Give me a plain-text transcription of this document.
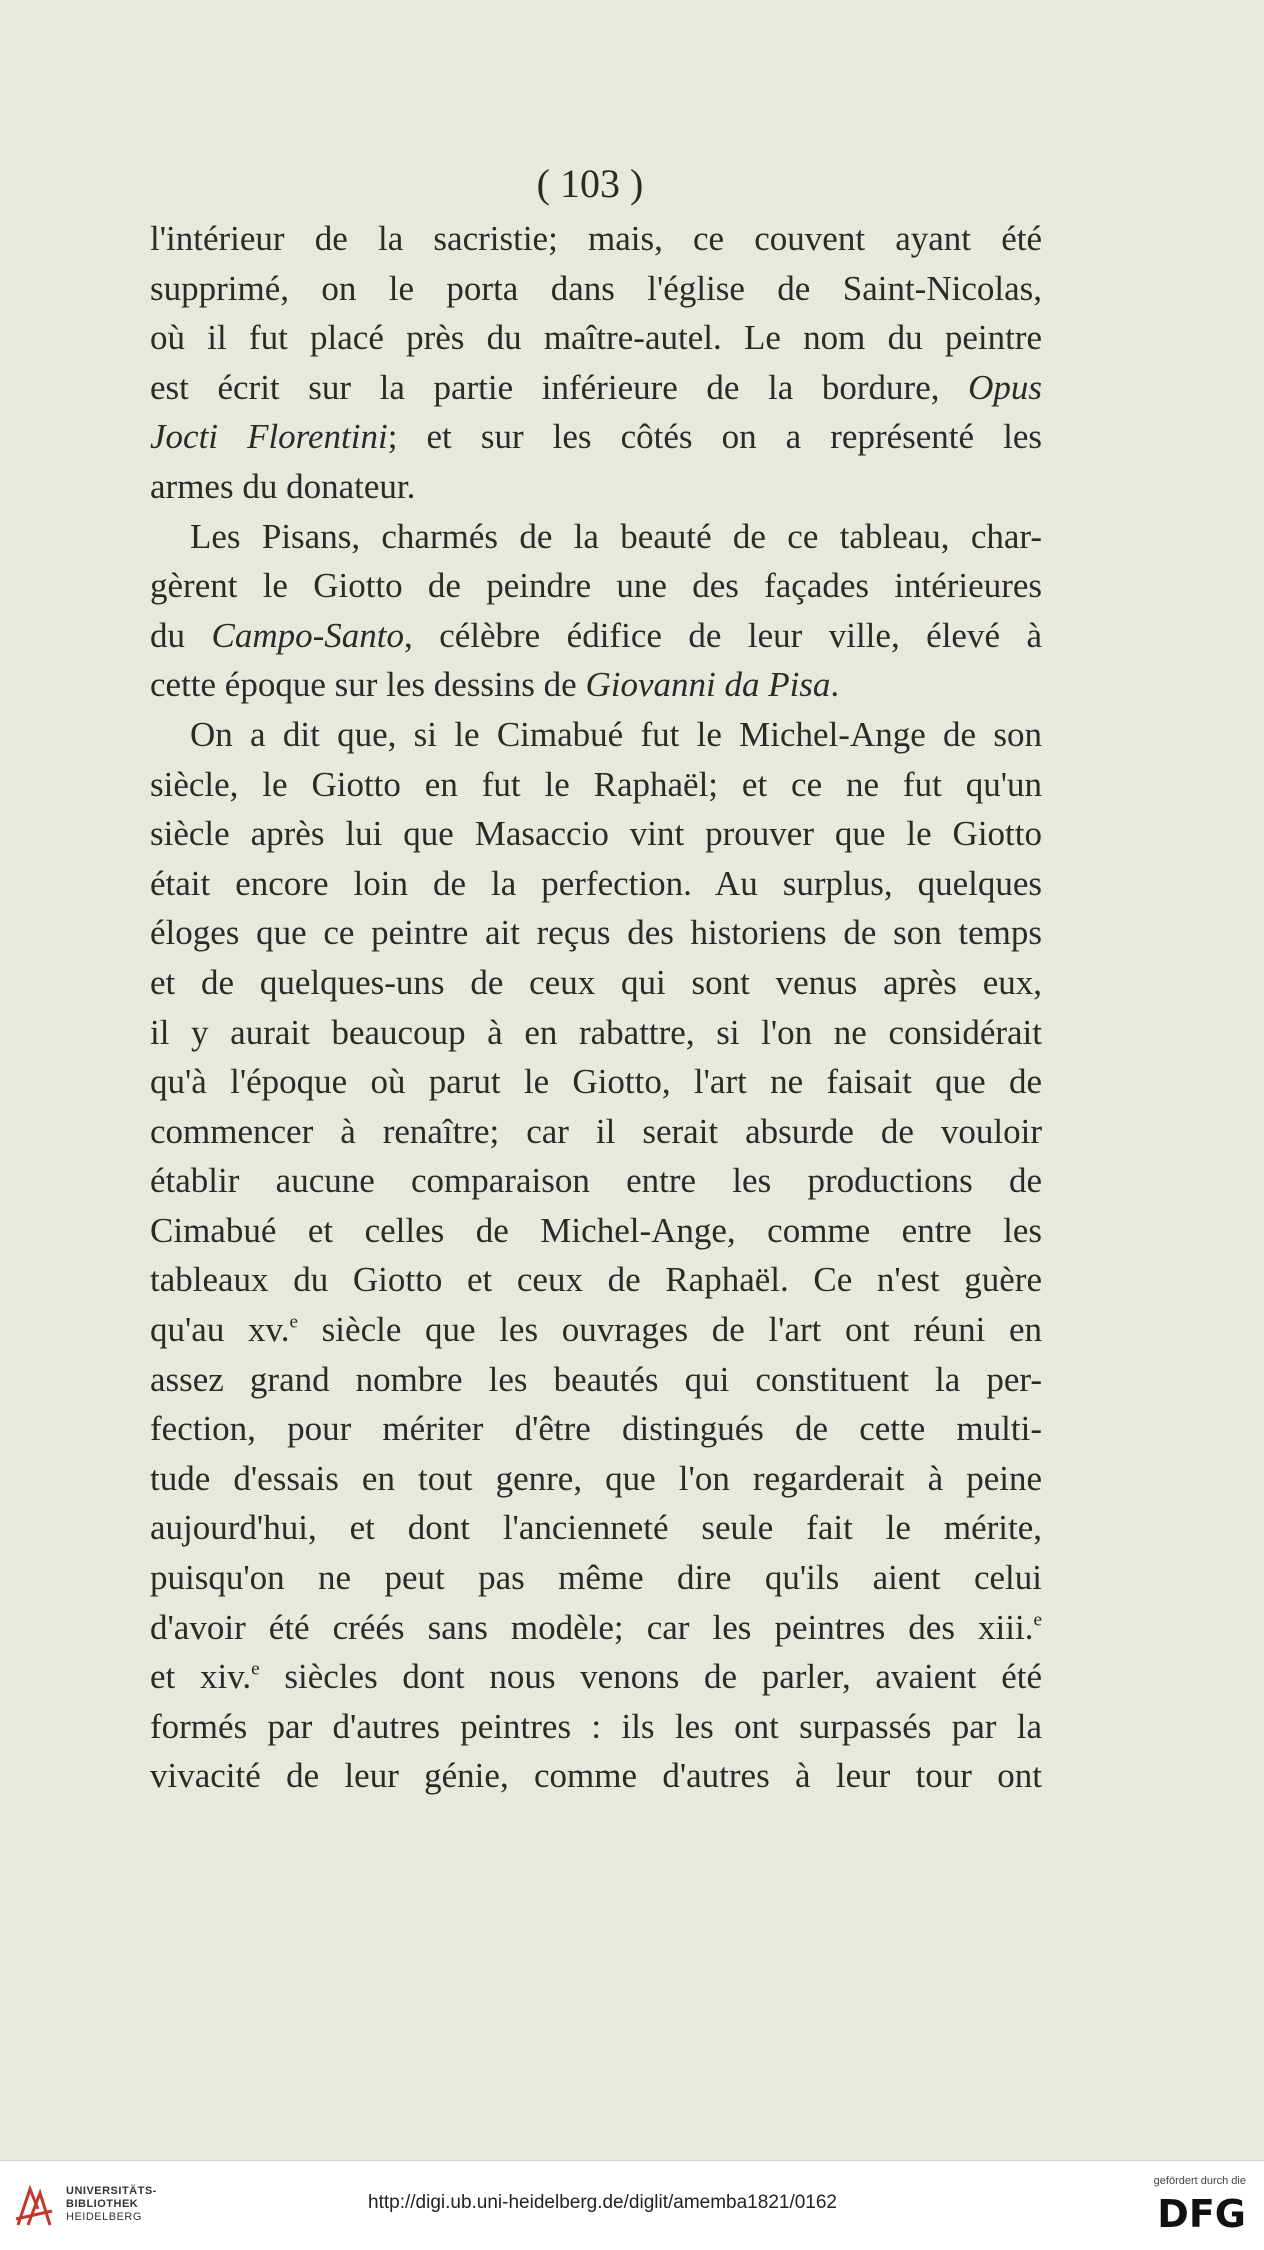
( 103 )
l'intérieur de la sacristie; mais, ce couvent ayant été
supprimé, on le porta dans l'église de Saint-Nicolas,
où il fut placé près du maître-autel. Le nom du peintre
est écrit sur la partie inférieure de la bordure, Opus
Jocti Florentini; et sur les côtés on a représenté les
armes du donateur.
Les Pisans, charmés de la beauté de ce tableau, char-
gèrent le Giotto de peindre une des façades intérieures
du Campo-Santo, célèbre édifice de leur ville, élevé à
cette époque sur les dessins de Giovanni da Pisa.
On a dit que, si le Cimabué fut le Michel-Ange de son
siècle, le Giotto en fut le Raphaël; et ce ne fut qu'un
siècle après lui que Masaccio vint prouver que le Giotto
était encore loin de la perfection. Au surplus, quelques
éloges que ce peintre ait reçus des historiens de son temps
et de quelques-uns de ceux qui sont venus après eux,
il y aurait beaucoup à en rabattre, si l'on ne considérait
qu'à l'époque où parut le Giotto, l'art ne faisait que de
commencer à renaître; car il serait absurde de vouloir
établir aucune comparaison entre les productions de
Cimabué et celles de Michel-Ange, comme entre les
tableaux du Giotto et ceux de Raphaël. Ce n'est guère
qu'au xv.$^e$ siècle que les ouvrages de l'art ont réuni en
assez grand nombre les beautés qui constituent la per-
fection, pour mériter d'être distingués de cette multi-
tude d'essais en tout genre, que l'on regarderait à peine
aujourd'hui, et dont l'ancienneté seule fait le mérite,
puisqu'on ne peut pas même dire qu'ils aient celui
d'avoir été créés sans modèle; car les peintres des xiii.$^e$
et xiv.$^e$ siècles dont nous venons de parler, avaient été
formés par d'autres peintres : ils les ont surpassés par la
vivacité de leur génie, comme d'autres à leur tour ont
UNIVERSITÄTS-
BIBLIOTHEK
HEIDELBERG
http://digi.ub.uni-heidelberg.de/diglit/amemba1821/0162
gefördert durch die
DFG
